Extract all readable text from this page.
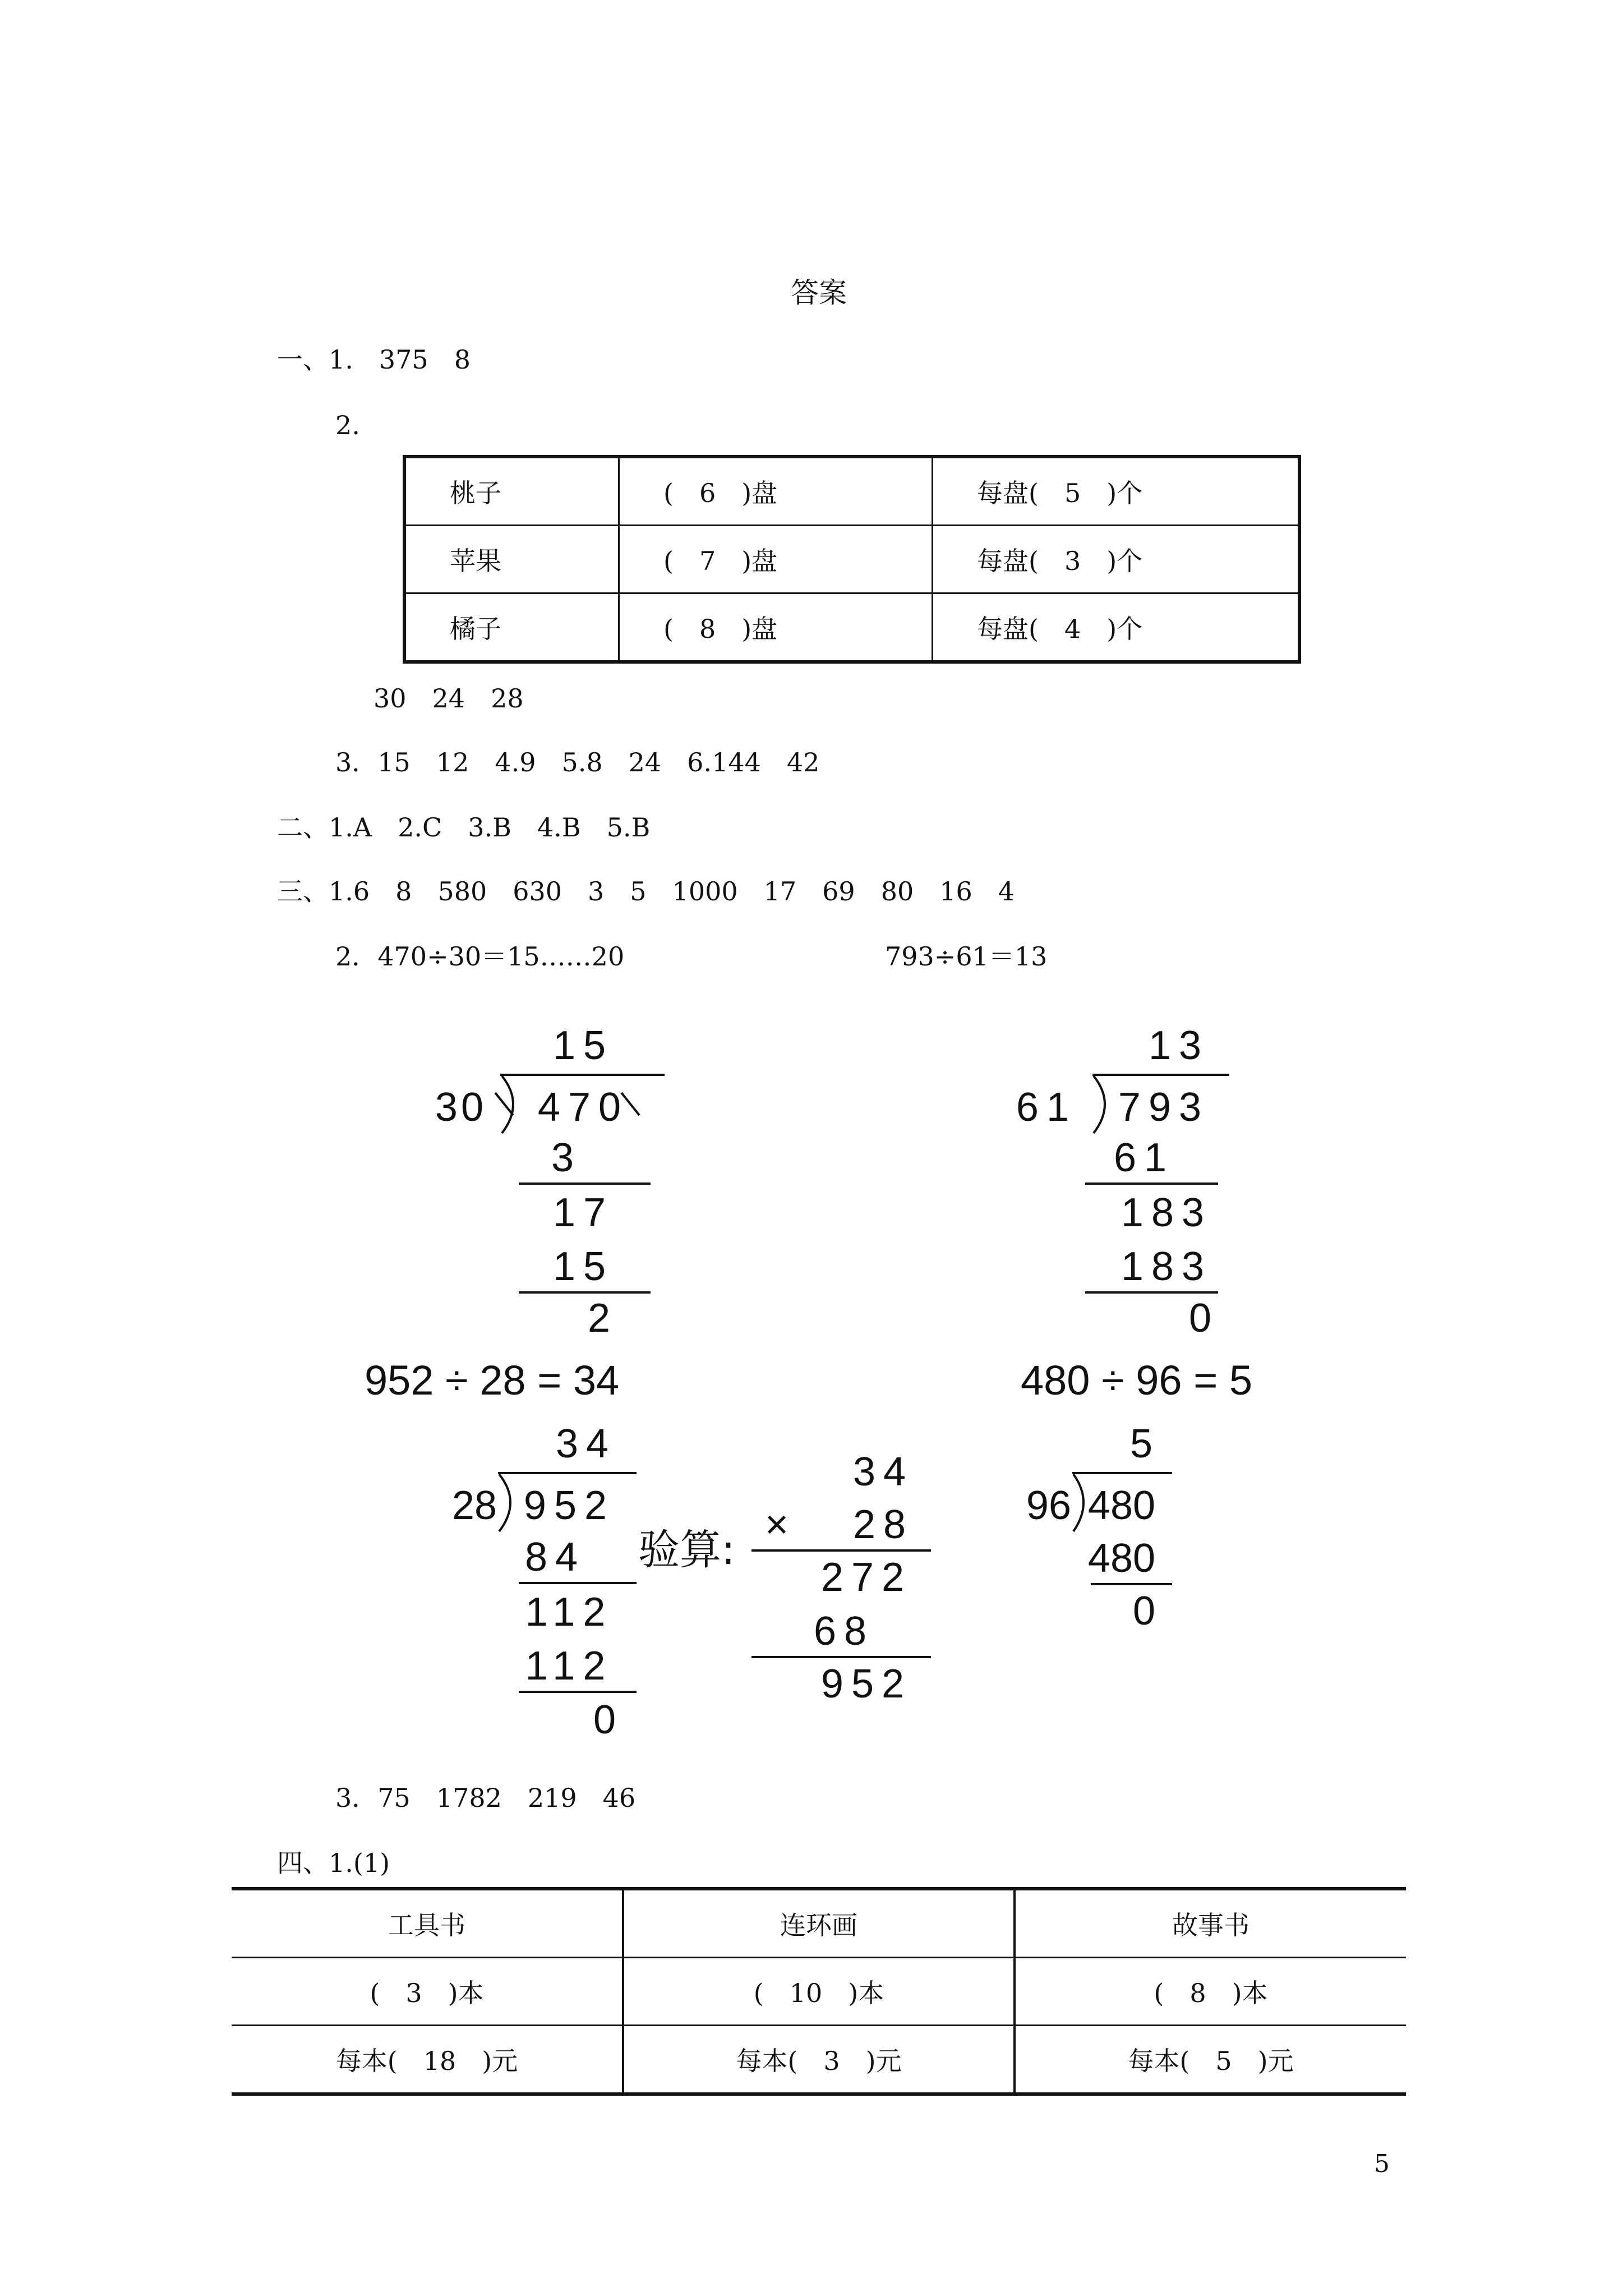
答案
一、1.　375　8
2.
桃子	(　6　)盘	每盘(　5　)个
苹果	(　7　)盘	每盘(　3　)个
橘子	(　8　)盘	每盘(　4　)个
30　24　28
3．15　12　4.9　5.8　24　6.144　42
二、1.A　2.C　3.B　4.B　5.B
三、1.6　8　580　630　3　5　1000　17　69　80　16　4
2．470÷30＝15……20	793÷61＝13
15
30 470
3
17
15
2
13
61 793
61
183
183
0
952 ÷ 28 = 34	480 ÷ 96 = 5
34
28 952
84
112
112
0
验算:
34
× 28
272
68
952
5
96 480
480
0
3．75　1782　219　46
四、1.(1)
工具书	连环画	故事书
(　3　)本	(　10　)本	(　8　)本
每本(　18　)元	每本(　3　)元	每本(　5　)元
5
